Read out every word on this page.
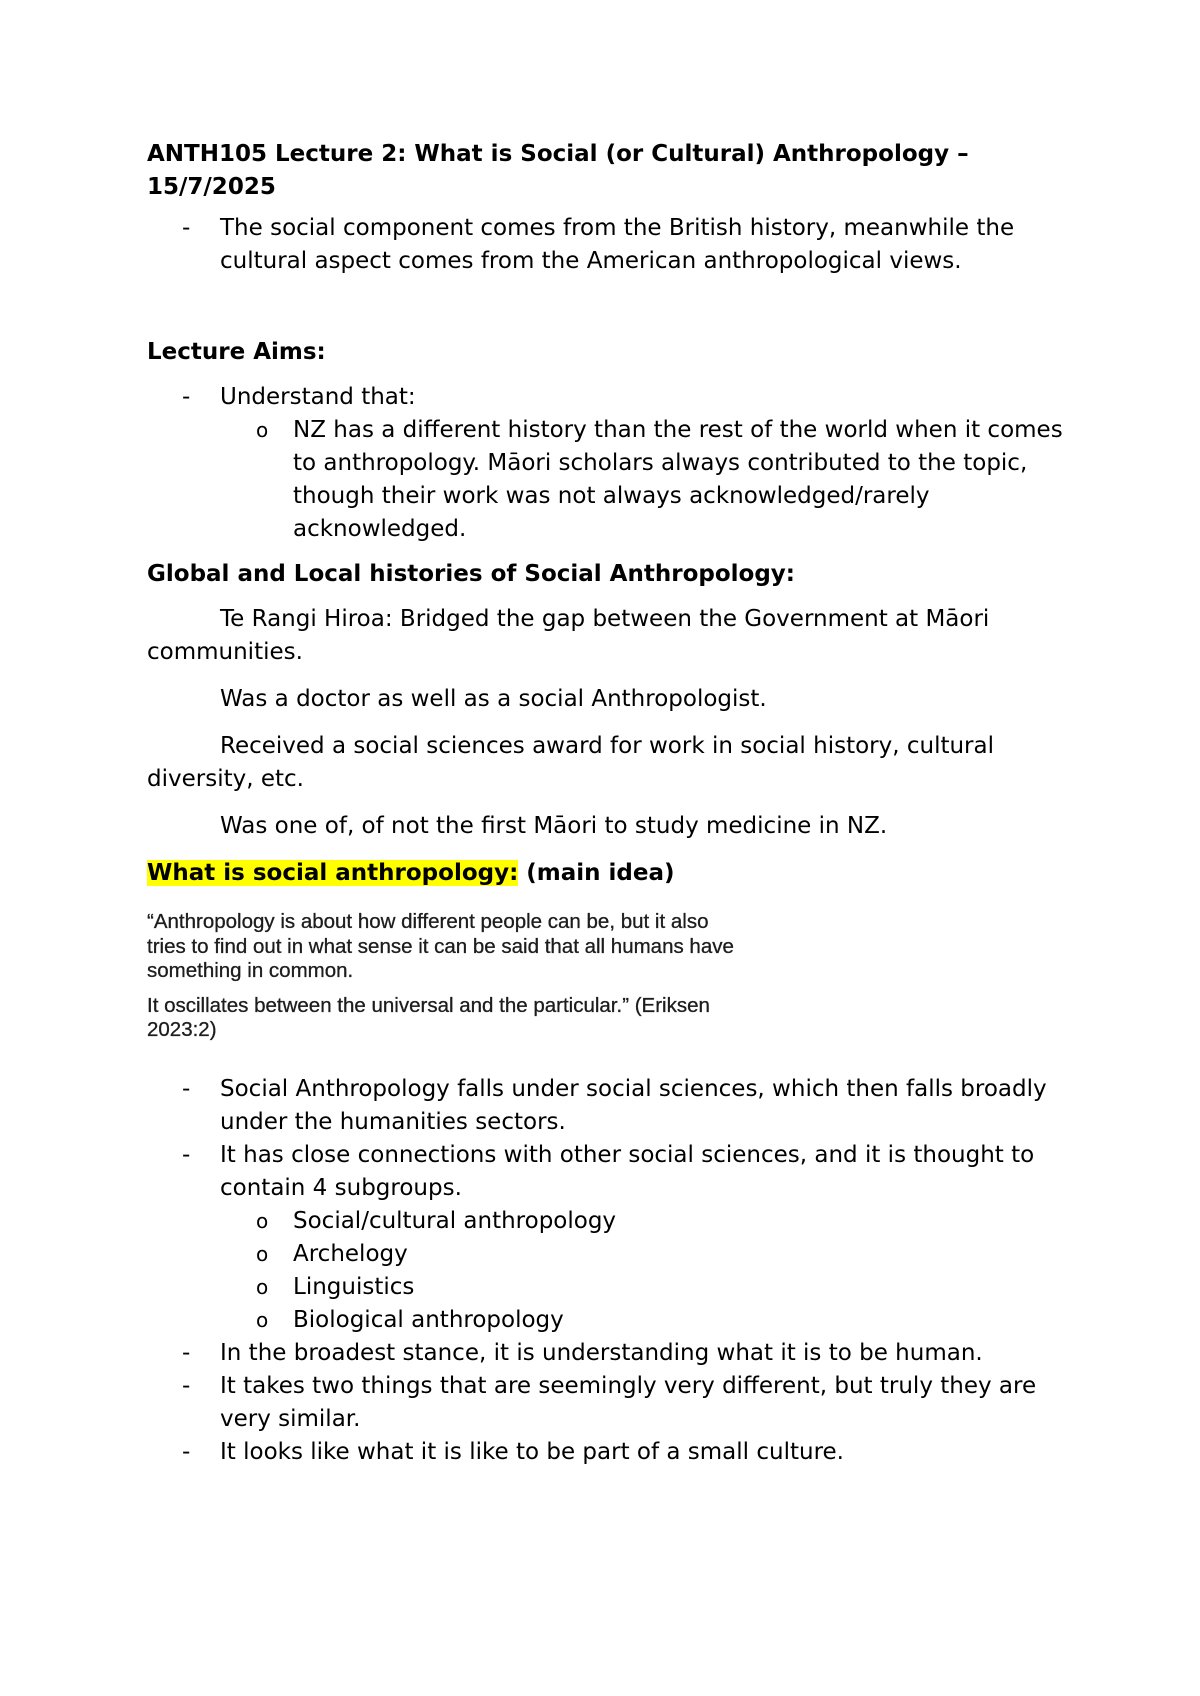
ANTH105 Lecture 2: What is Social (or Cultural) Anthropology – 15/7/2025

- The social component comes from the British history, meanwhile the cultural aspect comes from the American anthropological views.

Lecture Aims:

- Understand that:
o NZ has a different history than the rest of the world when it comes to anthropology. Māori scholars always contributed to the topic, though their work was not always acknowledged/rarely acknowledged.

Global and Local histories of Social Anthropology:

Te Rangi Hiroa: Bridged the gap between the Government at Māori communities.

Was a doctor as well as a social Anthropologist.

Received a social sciences award for work in social history, cultural diversity, etc.

Was one of, of not the first Māori to study medicine in NZ.

What is social anthropology: (main idea)

“Anthropology is about how different people can be, but it also
tries to find out in what sense it can be said that all humans have
something in common.
It oscillates between the universal and the particular.” (Eriksen
2023:2)
- Social Anthropology falls under social sciences, which then falls broadly under the humanities sectors.
- It has close connections with other social sciences, and it is thought to contain 4 subgroups.
o Social/cultural anthropology
o Archelogy
o Linguistics
o Biological anthropology
- In the broadest stance, it is understanding what it is to be human.
- It takes two things that are seemingly very different, but truly they are very similar.
- It looks like what it is like to be part of a small culture.
